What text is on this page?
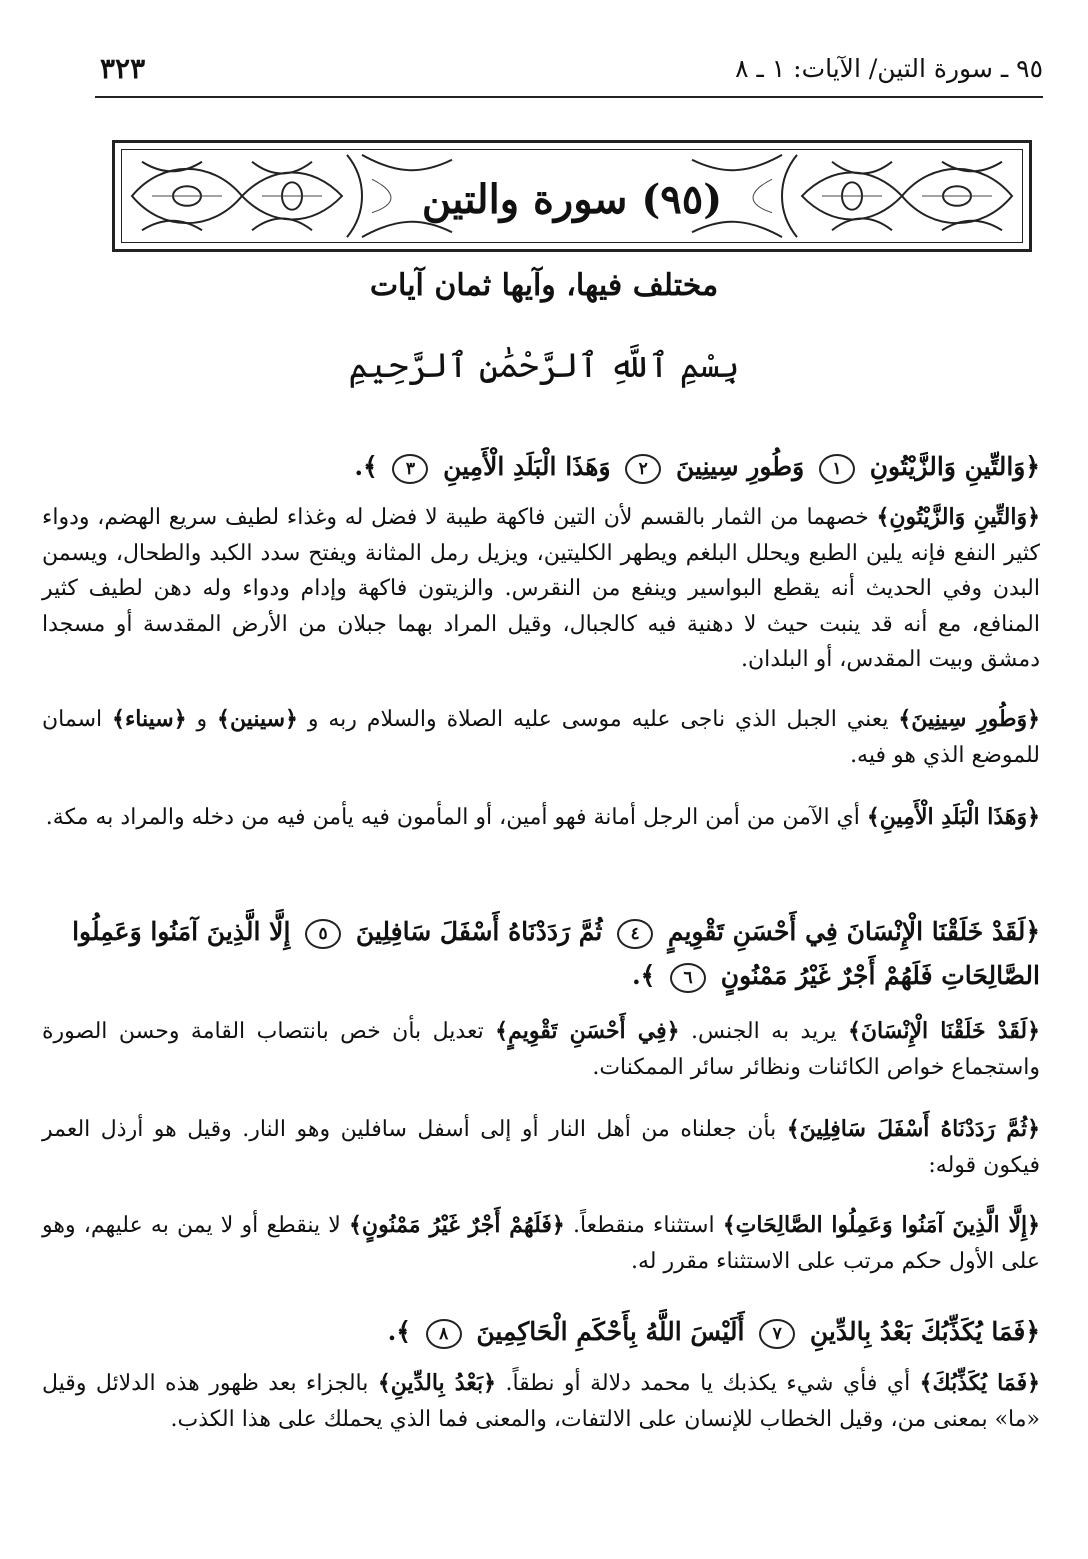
٩٥ ـ سورة التين/ الآيات: ١ ـ ٨
٣٢٣
(٩٥) سورة والتين
مختلف فيها، وآيها ثمان آيات
بِسْمِ ٱللَّهِ ٱلرَّحْمَٰنِ ٱلرَّحِيمِ
﴿وَالتِّينِ وَالزَّيْتُونِ ١ وَطُورِ سِينِينَ ٢ وَهَذَا الْبَلَدِ الْأَمِينِ ٣ ﴾.
﴿وَالتِّينِ وَالزَّيْتُونِ﴾ خصهما من الثمار بالقسم لأن التين فاكهة طيبة لا فضل له وغذاء لطيف سريع الهضم، ودواء كثير النفع فإنه يلين الطبع ويحلل البلغم ويطهر الكليتين، ويزيل رمل المثانة ويفتح سدد الكبد والطحال، ويسمن البدن وفي الحديث أنه يقطع البواسير وينفع من النقرس. والزيتون فاكهة وإدام ودواء وله دهن لطيف كثير المنافع، مع أنه قد ينبت حيث لا دهنية فيه كالجبال، وقيل المراد بهما جبلان من الأرض المقدسة أو مسجدا دمشق وبيت المقدس، أو البلدان.
﴿وَطُورِ سِينِينَ﴾ يعني الجبل الذي ناجى عليه موسى عليه الصلاة والسلام ربه و ﴿سينين﴾ و ﴿سيناء﴾ اسمان للموضع الذي هو فيه.
﴿وَهَذَا الْبَلَدِ الْأَمِينِ﴾ أي الآمن من أمن الرجل أمانة فهو أمين، أو المأمون فيه يأمن فيه من دخله والمراد به مكة.
﴿لَقَدْ خَلَقْنَا الْإِنْسَانَ فِي أَحْسَنِ تَقْوِيمٍ ٤ ثُمَّ رَدَدْنَاهُ أَسْفَلَ سَافِلِينَ ٥ إِلَّا الَّذِينَ آمَنُوا وَعَمِلُوا الصَّالِحَاتِ فَلَهُمْ أَجْرٌ غَيْرُ مَمْنُونٍ ٦ ﴾.
﴿لَقَدْ خَلَقْنَا الْإِنْسَانَ﴾ يريد به الجنس. ﴿فِي أَحْسَنِ تَقْوِيمٍ﴾ تعديل بأن خص بانتصاب القامة وحسن الصورة واستجماع خواص الكائنات ونظائر سائر الممكنات.
﴿ثُمَّ رَدَدْنَاهُ أَسْفَلَ سَافِلِينَ﴾ بأن جعلناه من أهل النار أو إلى أسفل سافلين وهو النار. وقيل هو أرذل العمر فيكون قوله:
﴿إِلَّا الَّذِينَ آمَنُوا وَعَمِلُوا الصَّالِحَاتِ﴾ استثناء منقطعاً. ﴿فَلَهُمْ أَجْرٌ غَيْرُ مَمْنُونٍ﴾ لا ينقطع أو لا يمن به عليهم، وهو على الأول حكم مرتب على الاستثناء مقرر له.
﴿فَمَا يُكَذِّبُكَ بَعْدُ بِالدِّينِ ٧ أَلَيْسَ اللَّهُ بِأَحْكَمِ الْحَاكِمِينَ ٨ ﴾.
﴿فَمَا يُكَذِّبُكَ﴾ أي فأي شيء يكذبك يا محمد دلالة أو نطقاً. ﴿بَعْدُ بِالدِّينِ﴾ بالجزاء بعد ظهور هذه الدلائل وقيل «ما» بمعنى من، وقيل الخطاب للإنسان على الالتفات، والمعنى فما الذي يحملك على هذا الكذب.
